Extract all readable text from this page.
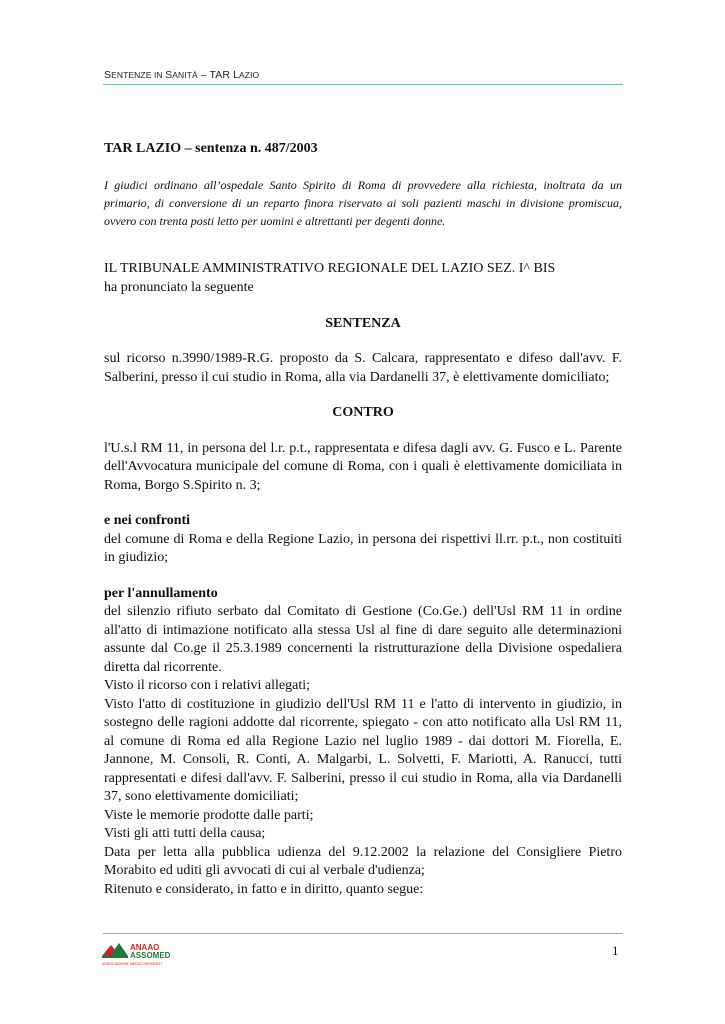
SENTENZE IN SANITÀ – TAR LAZIO
TAR LAZIO – sentenza n. 487/2003
I giudici ordinano all’ospedale Santo Spirito di Roma di provvedere alla richiesta, inoltrata da un primario, di conversione di un reparto finora riservato ai soli pazienti maschi in divisione promiscua, ovvero con trenta posti letto per uomini e altrettanti per degenti donne.
IL TRIBUNALE AMMINISTRATIVO REGIONALE DEL LAZIO SEZ. I^ BIS
ha pronunciato la seguente
SENTENZA
sul ricorso n.3990/1989-R.G. proposto da S. Calcara, rappresentato e difeso dall'avv. F. Salberini, presso il cui studio in Roma, alla via Dardanelli 37, è elettivamente domiciliato;
CONTRO
l'U.s.l RM 11, in persona del l.r. p.t., rappresentata e difesa dagli avv. G. Fusco e L. Parente dell'Avvocatura municipale del comune di Roma, con i quali è elettivamente domiciliata in Roma, Borgo S.Spirito n. 3;
e nei confronti
del comune di Roma e della Regione Lazio, in persona dei rispettivi ll.rr. p.t., non costituiti in giudizio;
per l'annullamento
del silenzio rifiuto serbato dal Comitato di Gestione (Co.Ge.) dell'Usl RM 11 in ordine all'atto di intimazione notificato alla stessa Usl al fine di dare seguito alle determinazioni assunte dal Co.ge il 25.3.1989 concernenti la ristrutturazione della Divisione ospedaliera diretta dal ricorrente.
Visto il ricorso con i relativi allegati;
Visto l'atto di costituzione in giudizio dell'Usl RM 11 e l'atto di intervento in giudizio, in sostegno delle ragioni addotte dal ricorrente, spiegato - con atto notificato alla Usl RM 11, al comune di Roma ed alla Regione Lazio nel luglio 1989 - dai dottori M. Fiorella, E. Jannone, M. Consoli, R. Conti, A. Malgarbi, L. Solvetti, F. Mariotti, A. Ranucci, tutti rappresentati e difesi dall'avv. F. Salberini, presso il cui studio in Roma, alla via Dardanelli 37, sono elettivamente domiciliati;
Viste le memorie prodotte dalle parti;
Visti gli atti tutti della causa;
Data per letta alla pubblica udienza del 9.12.2002 la relazione del Consigliere Pietro Morabito ed uditi gli avvocati di cui al verbale d'udienza;
Ritenuto e considerato, in fatto e in diritto, quanto segue:
ANAAO
ASSOMED
ASSOCIAZIONE MEDICI DIRIGENTI
1
